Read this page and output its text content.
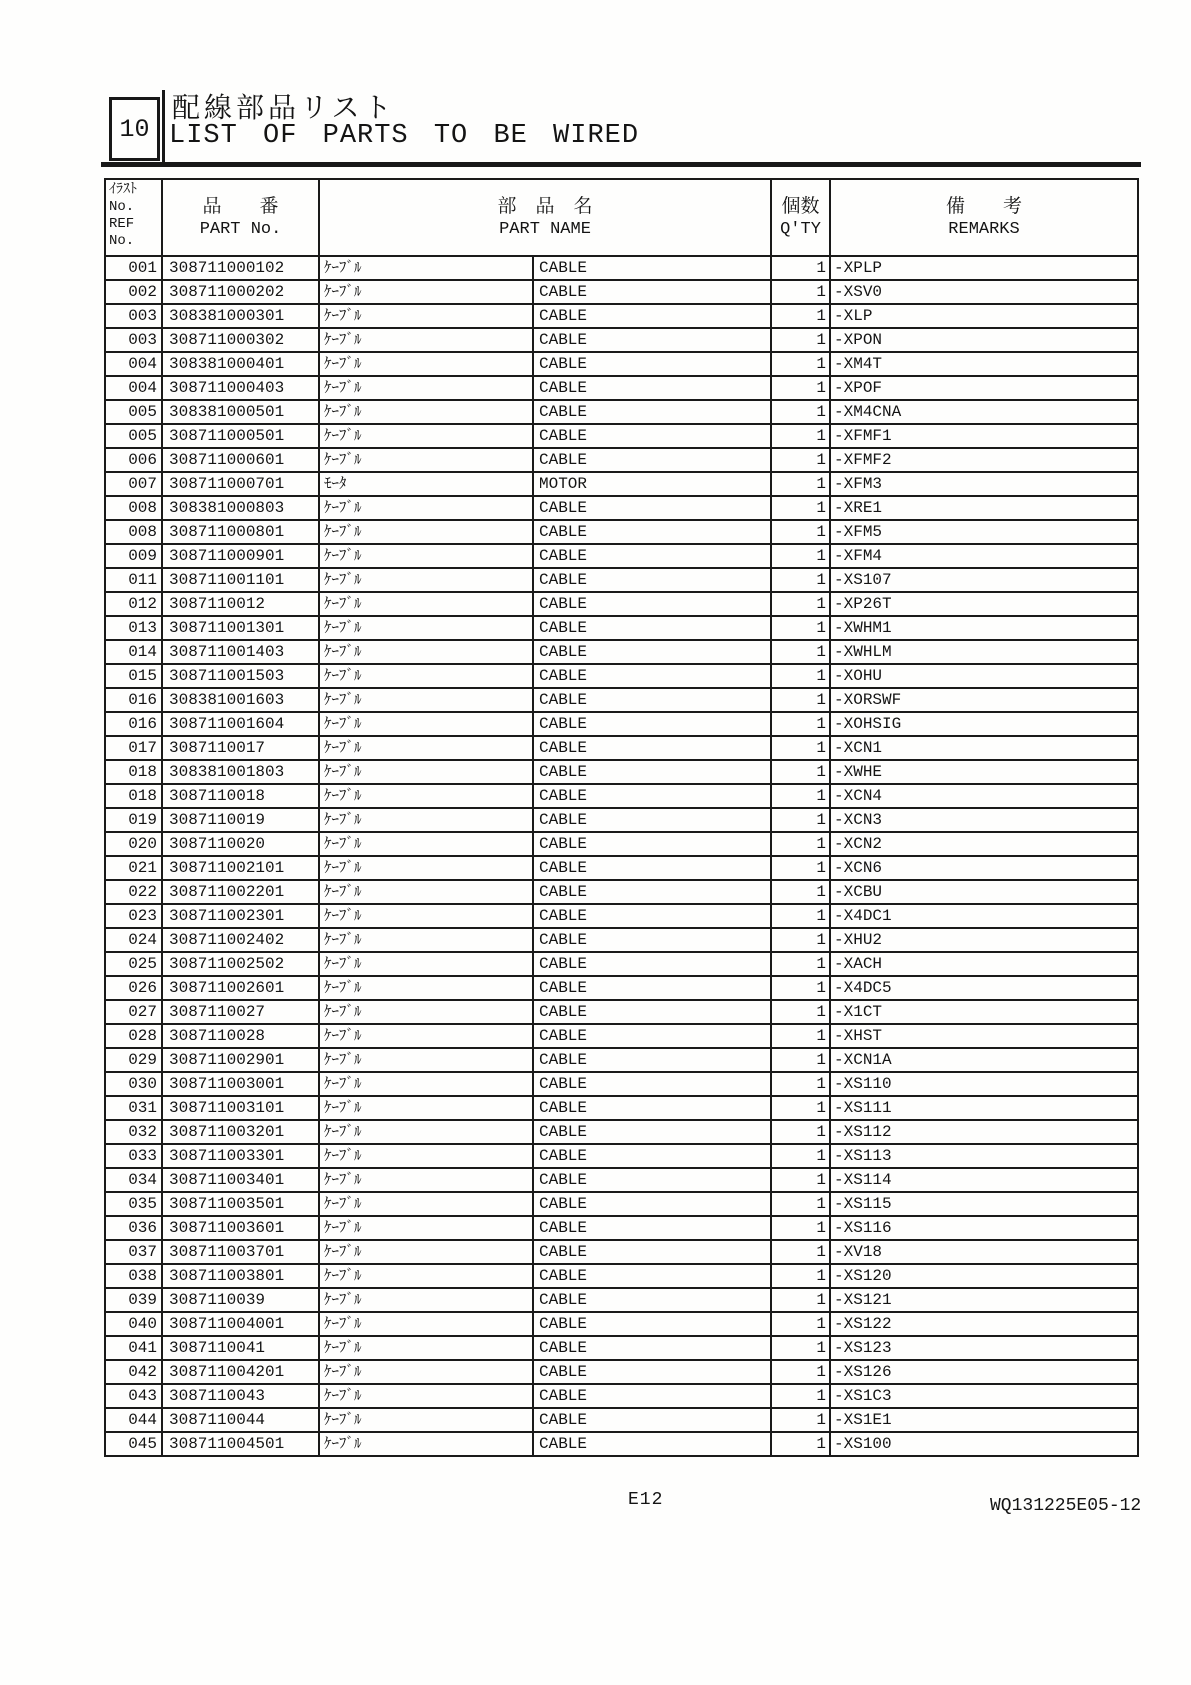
10
配線部品リスト
LIST OF PARTS TO BE WIRED
ｲﾗｽﾄ
No.
REF
No.

品　　番
PART No.

部　品　名
PART NAME

個数
Q'TY

備　　考
REMARKS

001	308711000102	ｹｰﾌﾞﾙ	CABLE	1	-XPLP
002	308711000202	ｹｰﾌﾞﾙ	CABLE	1	-XSV0
003	308381000301	ｹｰﾌﾞﾙ	CABLE	1	-XLP
003	308711000302	ｹｰﾌﾞﾙ	CABLE	1	-XPON
004	308381000401	ｹｰﾌﾞﾙ	CABLE	1	-XM4T
004	308711000403	ｹｰﾌﾞﾙ	CABLE	1	-XPOF
005	308381000501	ｹｰﾌﾞﾙ	CABLE	1	-XM4CNA
005	308711000501	ｹｰﾌﾞﾙ	CABLE	1	-XFMF1
006	308711000601	ｹｰﾌﾞﾙ	CABLE	1	-XFMF2
007	308711000701	ﾓｰﾀ	MOTOR	1	-XFM3
008	308381000803	ｹｰﾌﾞﾙ	CABLE	1	-XRE1
008	308711000801	ｹｰﾌﾞﾙ	CABLE	1	-XFM5
009	308711000901	ｹｰﾌﾞﾙ	CABLE	1	-XFM4
011	308711001101	ｹｰﾌﾞﾙ	CABLE	1	-XS107
012	3087110012	ｹｰﾌﾞﾙ	CABLE	1	-XP26T
013	308711001301	ｹｰﾌﾞﾙ	CABLE	1	-XWHM1
014	308711001403	ｹｰﾌﾞﾙ	CABLE	1	-XWHLM
015	308711001503	ｹｰﾌﾞﾙ	CABLE	1	-XOHU
016	308381001603	ｹｰﾌﾞﾙ	CABLE	1	-XORSWF
016	308711001604	ｹｰﾌﾞﾙ	CABLE	1	-XOHSIG
017	3087110017	ｹｰﾌﾞﾙ	CABLE	1	-XCN1
018	308381001803	ｹｰﾌﾞﾙ	CABLE	1	-XWHE
018	3087110018	ｹｰﾌﾞﾙ	CABLE	1	-XCN4
019	3087110019	ｹｰﾌﾞﾙ	CABLE	1	-XCN3
020	3087110020	ｹｰﾌﾞﾙ	CABLE	1	-XCN2
021	308711002101	ｹｰﾌﾞﾙ	CABLE	1	-XCN6
022	308711002201	ｹｰﾌﾞﾙ	CABLE	1	-XCBU
023	308711002301	ｹｰﾌﾞﾙ	CABLE	1	-X4DC1
024	308711002402	ｹｰﾌﾞﾙ	CABLE	1	-XHU2
025	308711002502	ｹｰﾌﾞﾙ	CABLE	1	-XACH
026	308711002601	ｹｰﾌﾞﾙ	CABLE	1	-X4DC5
027	3087110027	ｹｰﾌﾞﾙ	CABLE	1	-X1CT
028	3087110028	ｹｰﾌﾞﾙ	CABLE	1	-XHST
029	308711002901	ｹｰﾌﾞﾙ	CABLE	1	-XCN1A
030	308711003001	ｹｰﾌﾞﾙ	CABLE	1	-XS110
031	308711003101	ｹｰﾌﾞﾙ	CABLE	1	-XS111
032	308711003201	ｹｰﾌﾞﾙ	CABLE	1	-XS112
033	308711003301	ｹｰﾌﾞﾙ	CABLE	1	-XS113
034	308711003401	ｹｰﾌﾞﾙ	CABLE	1	-XS114
035	308711003501	ｹｰﾌﾞﾙ	CABLE	1	-XS115
036	308711003601	ｹｰﾌﾞﾙ	CABLE	1	-XS116
037	308711003701	ｹｰﾌﾞﾙ	CABLE	1	-XV18
038	308711003801	ｹｰﾌﾞﾙ	CABLE	1	-XS120
039	3087110039	ｹｰﾌﾞﾙ	CABLE	1	-XS121
040	308711004001	ｹｰﾌﾞﾙ	CABLE	1	-XS122
041	3087110041	ｹｰﾌﾞﾙ	CABLE	1	-XS123
042	308711004201	ｹｰﾌﾞﾙ	CABLE	1	-XS126
043	3087110043	ｹｰﾌﾞﾙ	CABLE	1	-XS1C3
044	3087110044	ｹｰﾌﾞﾙ	CABLE	1	-XS1E1
045	308711004501	ｹｰﾌﾞﾙ	CABLE	1	-XS100
E12	WQ131225E05-12
